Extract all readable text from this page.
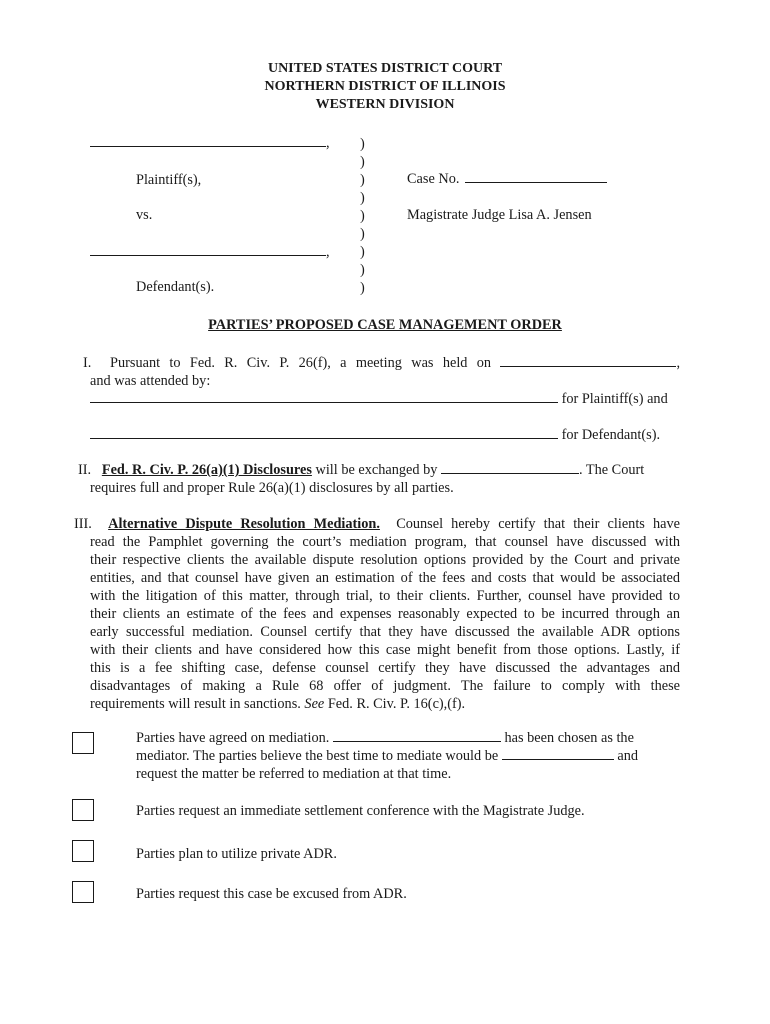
UNITED STATES DISTRICT COURT
NORTHERN DISTRICT OF ILLINOIS
WESTERN DIVISION
,
Plaintiff(s),
vs.
,
Defendant(s).
)
)
)
)
)
)
)
)
)
Case No.
Magistrate Judge Lisa A. Jensen
PARTIES’ PROPOSED CASE MANAGEMENT ORDER
I. Pursuant to Fed. R. Civ. P. 26(f), a meeting was held on	,
and was attended by:
for Plaintiff(s) and
for Defendant(s).
II. Fed. R. Civ. P. 26(a)(1) Disclosures will be exchanged by	. The Court
requires full and proper Rule 26(a)(1) disclosures by all parties.
III. Alternative Dispute Resolution Mediation. Counsel hereby certify that their clients have
read the Pamphlet governing the court’s mediation program, that counsel have discussed with
their respective clients the available dispute resolution options provided by the Court and private
entities, and that counsel have given an estimation of the fees and costs that would be associated
with the litigation of this matter, through trial, to their clients. Further, counsel have provided to
their clients an estimate of the fees and expenses reasonably expected to be incurred through an
early successful mediation. Counsel certify that they have discussed the available ADR options
with their clients and have considered how this case might benefit from those options. Lastly, if
this is a fee shifting case, defense counsel certify they have discussed the advantages and
disadvantages of making a Rule 68 offer of judgment. The failure to comply with these
requirements will result in sanctions. See Fed. R. Civ. P. 16(c),(f).
Parties have agreed on mediation.	has been chosen as the
mediator. The parties believe the best time to mediate would be	and
request the matter be referred to mediation at that time.
Parties request an immediate settlement conference with the Magistrate Judge.
Parties plan to utilize private ADR.
Parties request this case be excused from ADR.
